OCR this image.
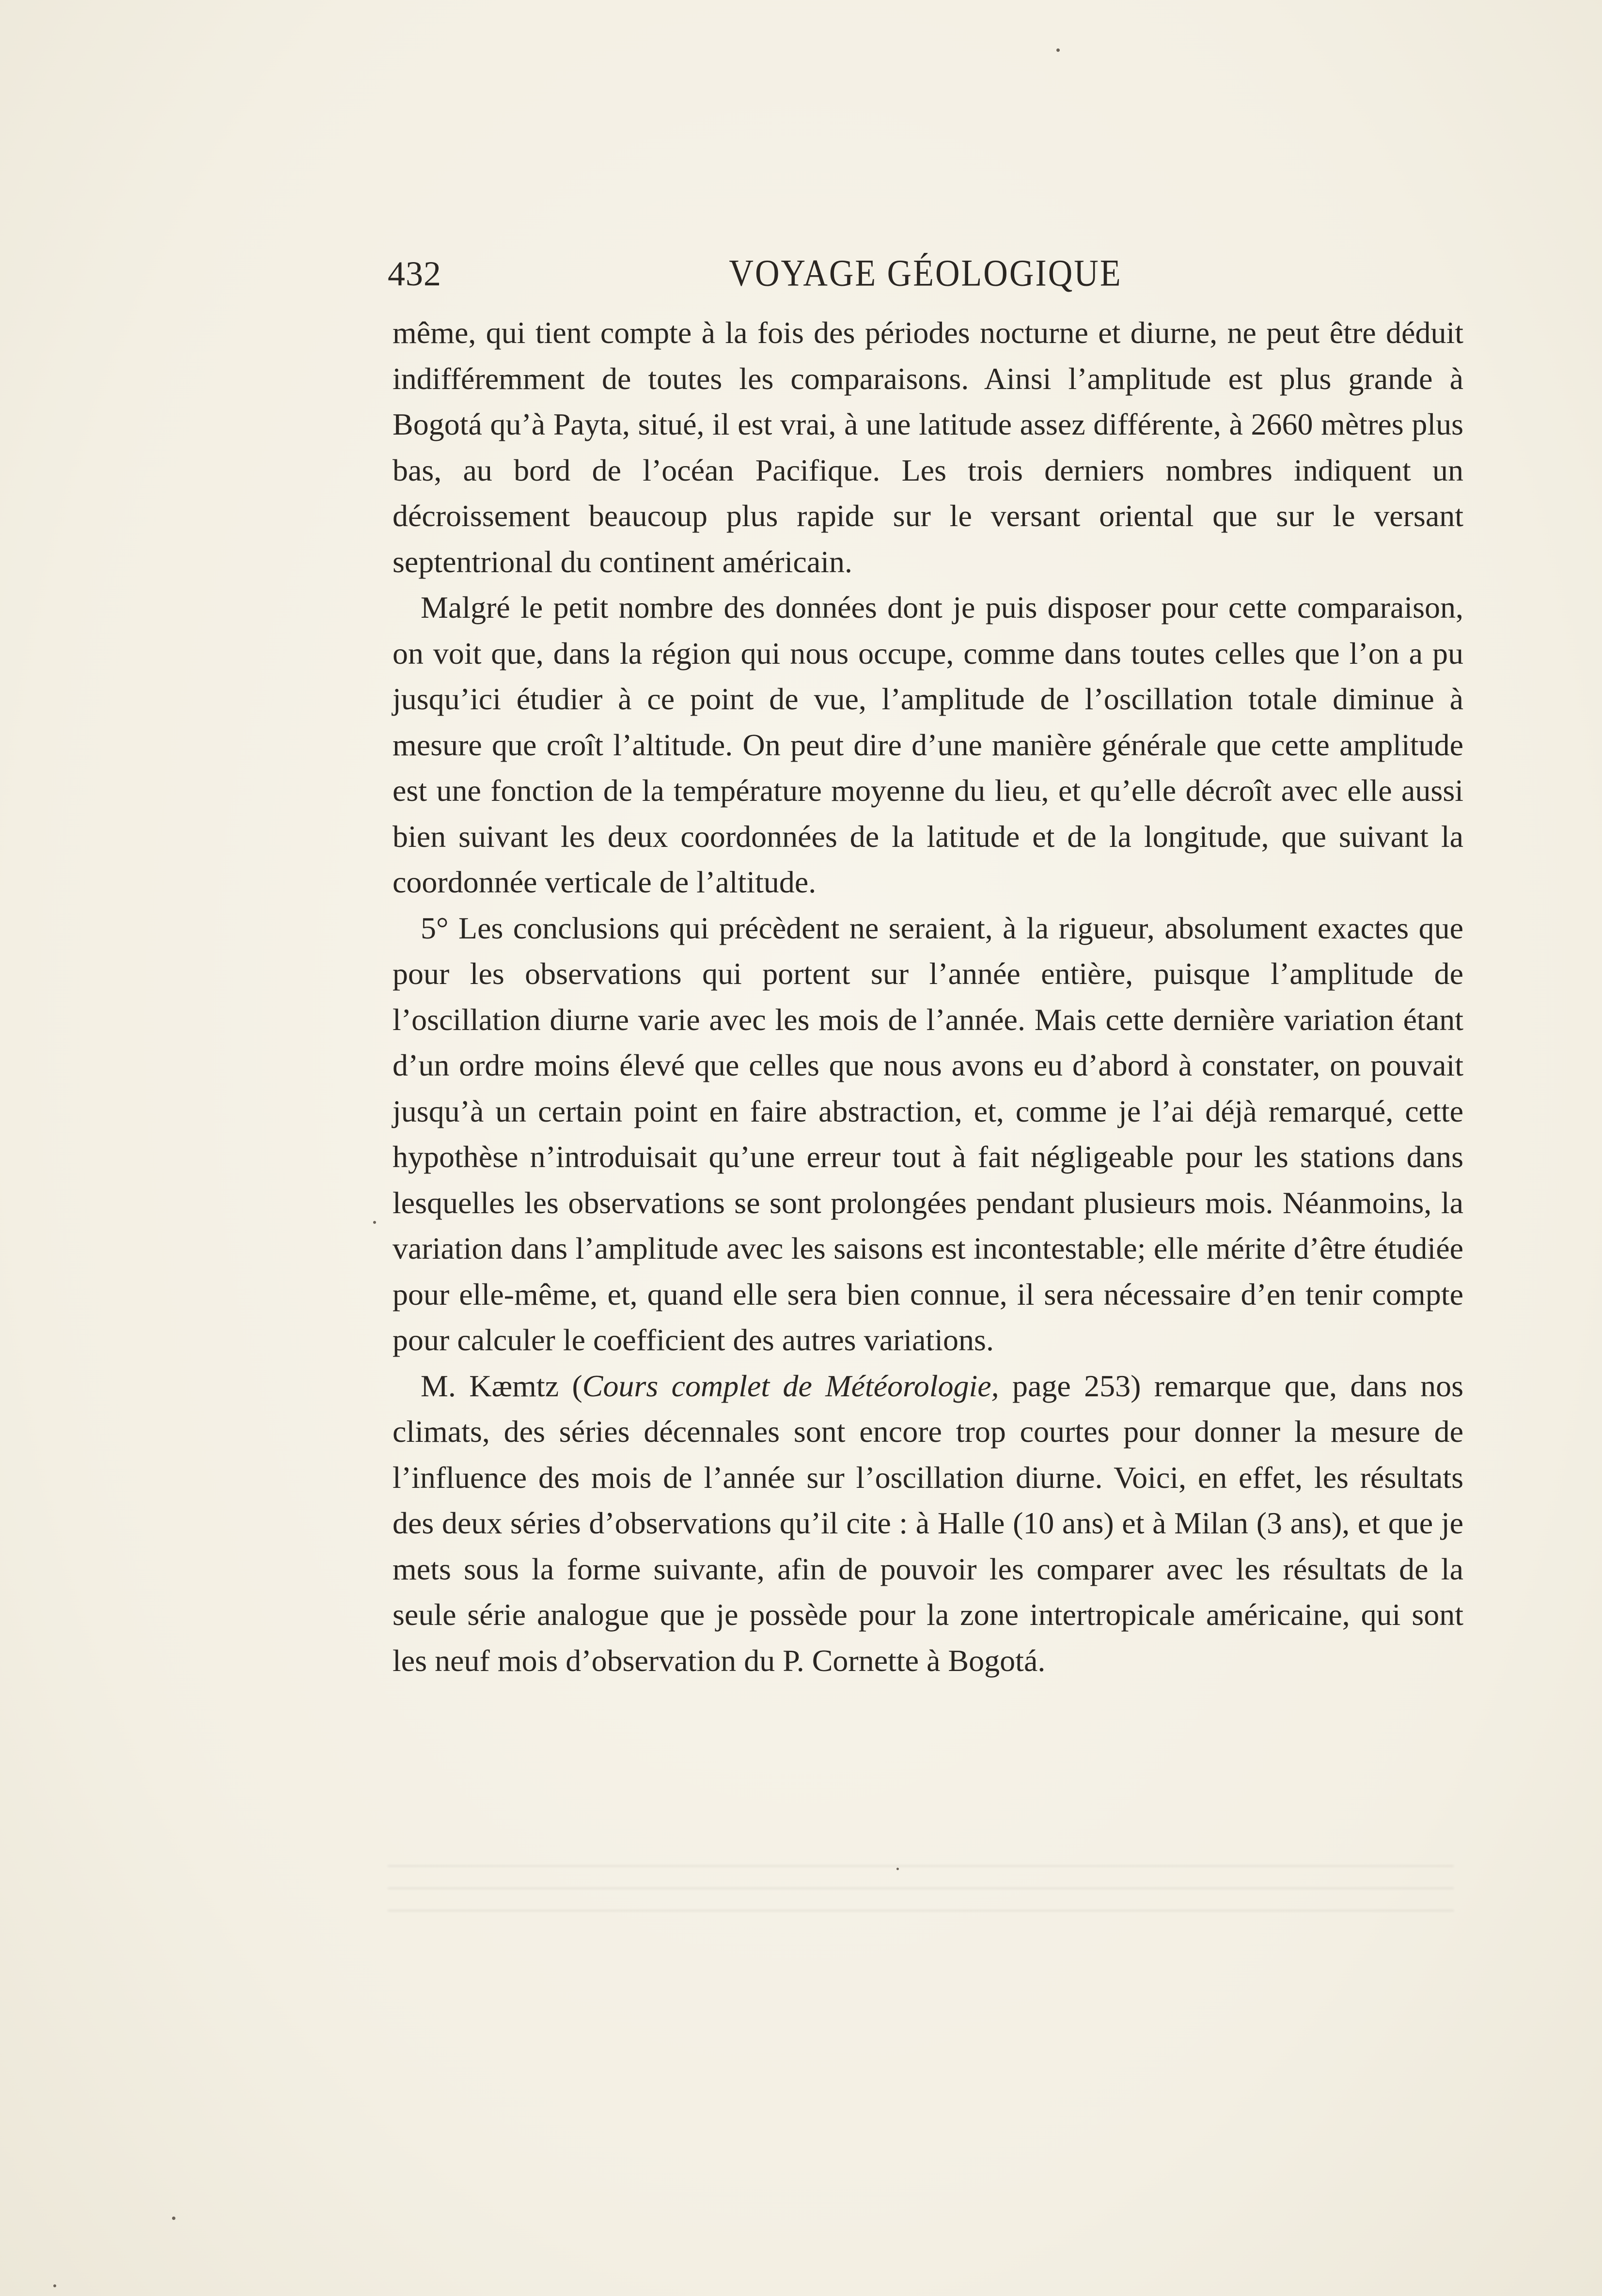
432	VOYAGE GÉOLOGIQUE

même, qui tient compte à la fois des périodes nocturne et diurne, ne peut être déduit indifféremment de toutes les comparaisons. Ainsi l’amplitude est plus grande à Bogotá qu’à Payta, situé, il est vrai, à une latitude assez différente, à 2660 mètres plus bas, au bord de l’océan Pacifique. Les trois derniers nombres indiquent un décroissement beaucoup plus rapide sur le versant oriental que sur le versant septentrional du continent américain.

Malgré le petit nombre des données dont je puis disposer pour cette comparaison, on voit que, dans la région qui nous occupe, comme dans toutes celles que l’on a pu jusqu’ici étudier à ce point de vue, l’amplitude de l’oscillation totale diminue à mesure que croît l’altitude. On peut dire d’une manière générale que cette amplitude est une fonction de la température moyenne du lieu, et qu’elle décroît avec elle aussi bien suivant les deux coordonnées de la latitude et de la longitude, que suivant la coordonnée verticale de l’altitude.

5° Les conclusions qui précèdent ne seraient, à la rigueur, absolument exactes que pour les observations qui portent sur l’année entière, puisque l’amplitude de l’oscillation diurne varie avec les mois de l’année. Mais cette dernière variation étant d’un ordre moins élevé que celles que nous avons eu d’abord à constater, on pouvait jusqu’à un certain point en faire abstraction, et, comme je l’ai déjà remarqué, cette hypothèse n’introduisait qu’une erreur tout à fait négligeable pour les stations dans lesquelles les observations se sont prolongées pendant plusieurs mois. Néanmoins, la variation dans l’amplitude avec les saisons est incontestable; elle mérite d’être étudiée pour elle-même, et, quand elle sera bien connue, il sera nécessaire d’en tenir compte pour calculer le coefficient des autres variations.

M. Kæmtz (Cours complet de Météorologie, page 253) remarque que, dans nos climats, des séries décennales sont encore trop courtes pour donner la mesure de l’influence des mois de l’année sur l’oscillation diurne. Voici, en effet, les résultats des deux séries d’observations qu’il cite : à Halle (10 ans) et à Milan (3 ans), et que je mets sous la forme suivante, afin de pouvoir les comparer avec les résultats de la seule série analogue que je possède pour la zone intertropicale américaine, qui sont les neuf mois d’observation du P. Cornette à Bogotá.
